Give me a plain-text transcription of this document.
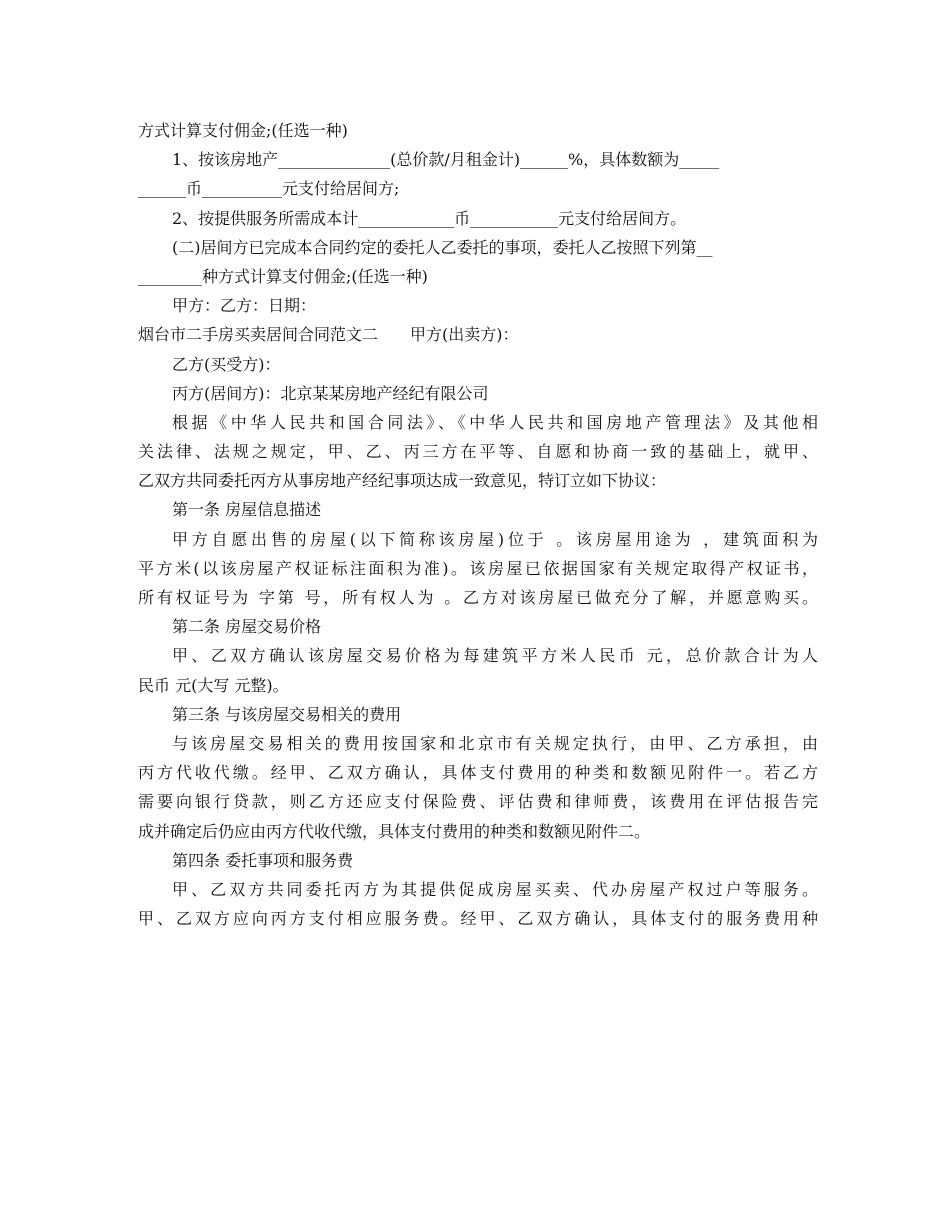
方式计算支付佣金;(任选一种)
1、按该房地产______________(总价款/月租金计)______%，具体数额为_____
______币__________元支付给居间方;
2、按提供服务所需成本计____________币___________元支付给居间方。
(二)居间方已完成本合同约定的委托人乙委托的事项，委托人乙按照下列第__
________种方式计算支付佣金;(任选一种)
甲方：乙方：日期：
烟台市二手房买卖居间合同范文二　　甲方(出卖方)：
乙方(买受方)：
丙方(居间方)：北京某某房地产经纪有限公司
根据《中华人民共和国合同法》、《中华人民共和国房地产管理法》及其他相
关法律、法规之规定，甲、乙、丙三方在平等、自愿和协商一致的基础上，就甲、
乙双方共同委托丙方从事房地产经纪事项达成一致意见，特订立如下协议：
第一条 房屋信息描述
甲方自愿出售的房屋(以下简称该房屋)位于 。该房屋用途为 ，建筑面积为
平方米(以该房屋产权证标注面积为准)。该房屋已依据国家有关规定取得产权证书，
所有权证号为 字第 号，所有权人为 。乙方对该房屋已做充分了解，并愿意购买。
第二条 房屋交易价格
甲、乙双方确认该房屋交易价格为每建筑平方米人民币 元，总价款合计为人
民币 元(大写 元整)。
第三条 与该房屋交易相关的费用
与该房屋交易相关的费用按国家和北京市有关规定执行，由甲、乙方承担，由
丙方代收代缴。经甲、乙双方确认，具体支付费用的种类和数额见附件一。若乙方
需要向银行贷款，则乙方还应支付保险费、评估费和律师费，该费用在评估报告完
成并确定后仍应由丙方代收代缴，具体支付费用的种类和数额见附件二。
第四条 委托事项和服务费
甲、乙双方共同委托丙方为其提供促成房屋买卖、代办房屋产权过户等服务。
甲、乙双方应向丙方支付相应服务费。经甲、乙双方确认，具体支付的服务费用种
